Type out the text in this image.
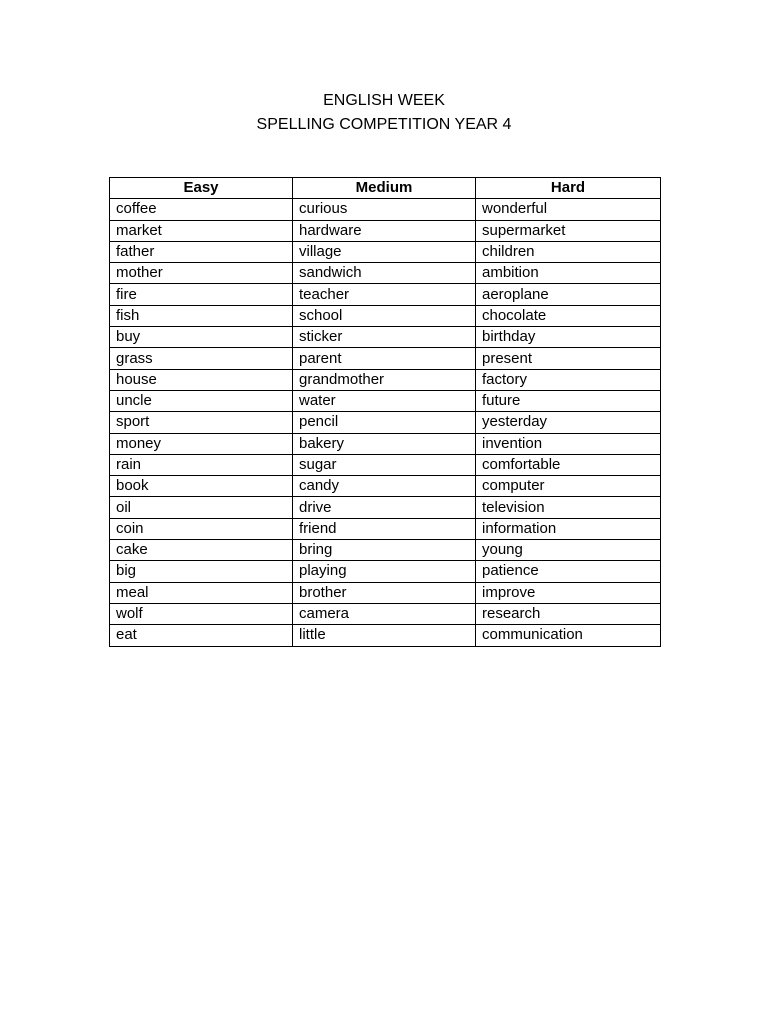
ENGLISH WEEK
SPELLING COMPETITION YEAR 4
Easy	Medium	Hard
coffee	curious	wonderful
market	hardware	supermarket
father	village	children
mother	sandwich	ambition
fire	teacher	aeroplane
fish	school	chocolate
buy	sticker	birthday
grass	parent	present
house	grandmother	factory
uncle	water	future
sport	pencil	yesterday
money	bakery	invention
rain	sugar	comfortable
book	candy	computer
oil	drive	television
coin	friend	information
cake	bring	young
big	playing	patience
meal	brother	improve
wolf	camera	research
eat	little	communication
